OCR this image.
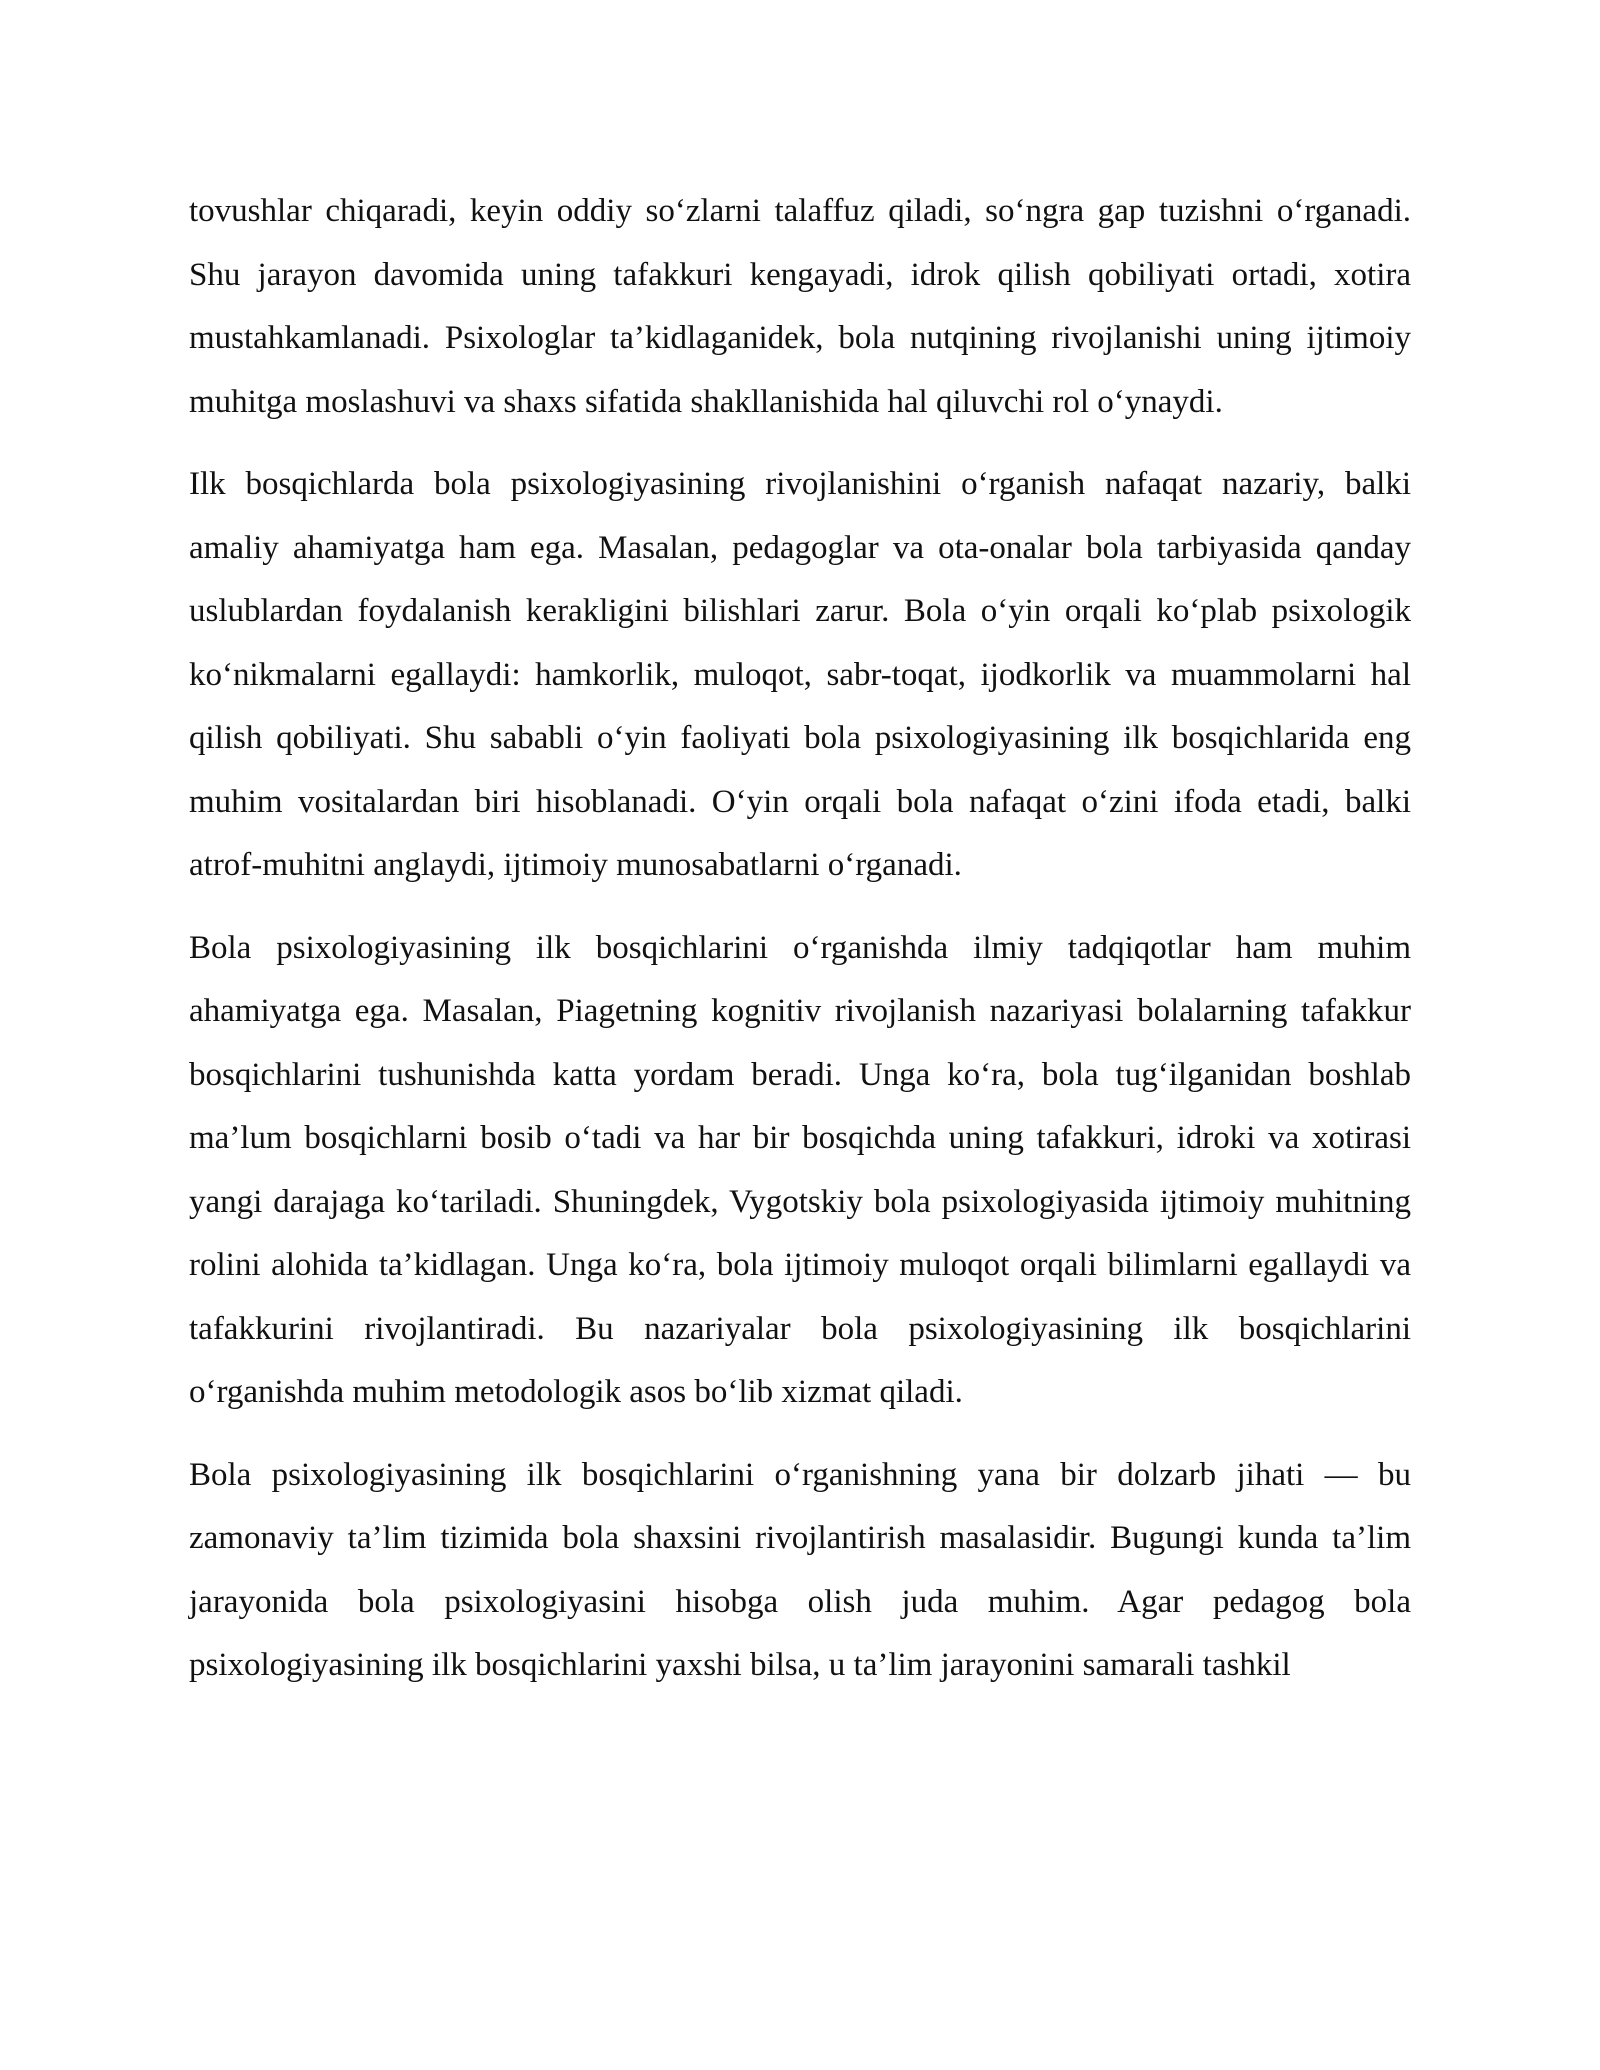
tovushlar chiqaradi, keyin oddiy so‘zlarni talaffuz qiladi, so‘ngra gap tuzishni o‘rganadi. Shu jarayon davomida uning tafakkuri kengayadi, idrok qilish qobiliyati ortadi, xotira mustahkamlanadi. Psixologlar ta’kidlaganidek, bola nutqining rivojlanishi uning ijtimoiy muhitga moslashuvi va shaxs sifatida shakllanishida hal qiluvchi rol o‘ynaydi.

Ilk bosqichlarda bola psixologiyasining rivojlanishini o‘rganish nafaqat nazariy, balki amaliy ahamiyatga ham ega. Masalan, pedagoglar va ota-onalar bola tarbiyasida qanday uslublardan foydalanish kerakligini bilishlari zarur. Bola o‘yin orqali ko‘plab psixologik ko‘nikmalarni egallaydi: hamkorlik, muloqot, sabr-toqat, ijodkorlik va muammolarni hal qilish qobiliyati. Shu sababli o‘yin faoliyati bola psixologiyasining ilk bosqichlarida eng muhim vositalardan biri hisoblanadi. O‘yin orqali bola nafaqat o‘zini ifoda etadi, balki atrof-muhitni anglaydi, ijtimoiy munosabatlarni o‘rganadi.

Bola psixologiyasining ilk bosqichlarini o‘rganishda ilmiy tadqiqotlar ham muhim ahamiyatga ega. Masalan, Piagetning kognitiv rivojlanish nazariyasi bolalarning tafakkur bosqichlarini tushunishda katta yordam beradi. Unga ko‘ra, bola tug‘ilganidan boshlab ma’lum bosqichlarni bosib o‘tadi va har bir bosqichda uning tafakkuri, idroki va xotirasi yangi darajaga ko‘tariladi. Shuningdek, Vygotskiy bola psixologiyasida ijtimoiy muhitning rolini alohida ta’kidlagan. Unga ko‘ra, bola ijtimoiy muloqot orqali bilimlarni egallaydi va tafakkurini rivojlantiradi. Bu nazariyalar bola psixologiyasining ilk bosqichlarini o‘rganishda muhim metodologik asos bo‘lib xizmat qiladi.

Bola psixologiyasining ilk bosqichlarini o‘rganishning yana bir dolzarb jihati — bu zamonaviy ta’lim tizimida bola shaxsini rivojlantirish masalasidir. Bugungi kunda ta’lim jarayonida bola psixologiyasini hisobga olish juda muhim. Agar pedagog bola psixologiyasining ilk bosqichlarini yaxshi bilsa, u ta’lim jarayonini samarali tashkil
